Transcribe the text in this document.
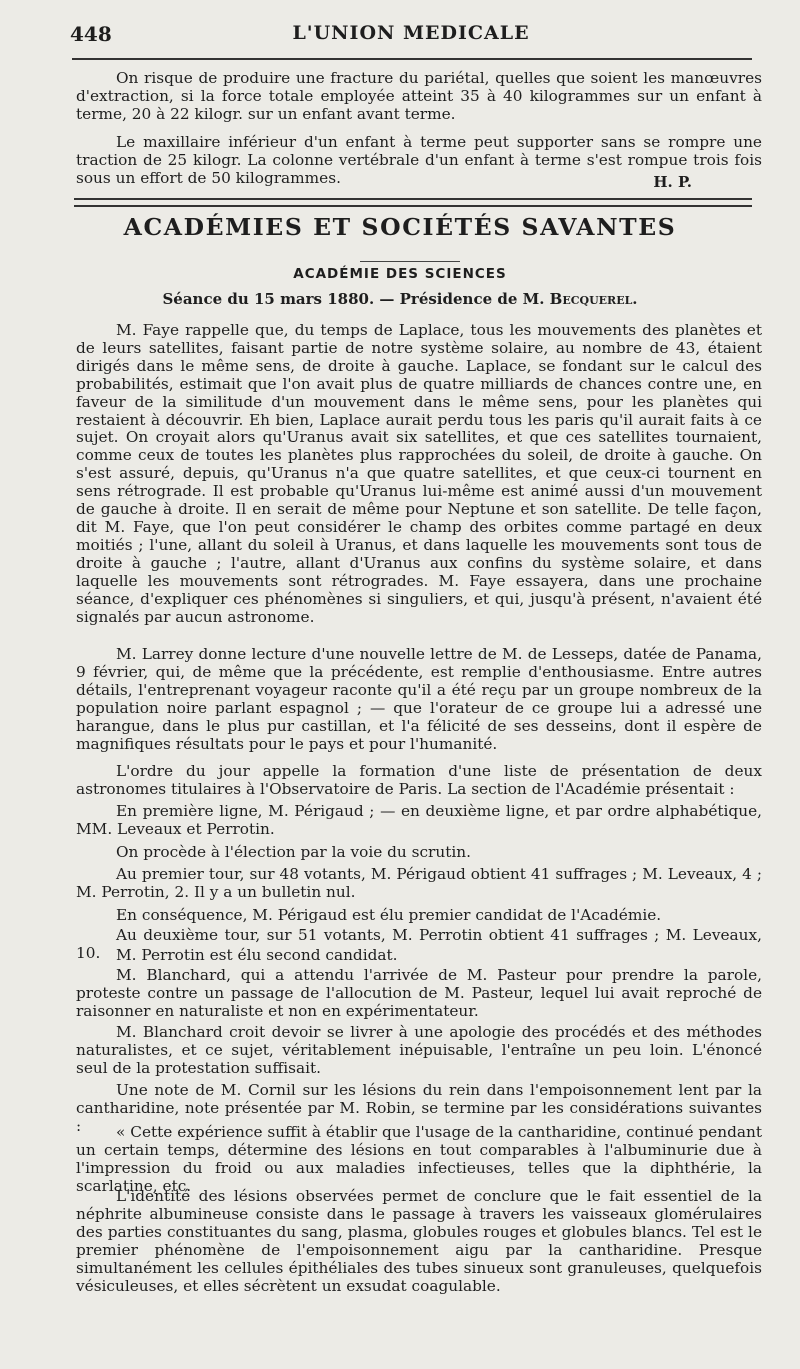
448	L'UNION MEDICALE

On risque de produire une fracture du pariétal, quelles que soient les manœuvres d'extraction, si la force totale employée atteint 35 à 40 kilogrammes sur un enfant à terme, 20 à 22 kilogr. sur un enfant avant terme.

Le maxillaire inférieur d'un enfant à terme peut supporter sans se rompre une traction de 25 kilogr. La colonne vertébrale d'un enfant à terme s'est rompue trois fois sous un effort de 50 kilogrammes.	H. P.
ACADÉMIES ET SOCIÉTÉS SAVANTES
ACADÉMIE DES SCIENCES
Séance du 15 mars 1880. — Présidence de M. Becquerel.

M. Faye rappelle que, du temps de Laplace, tous les mouvements des planètes et de leurs satellites, faisant partie de notre système solaire, au nombre de 43, étaient dirigés dans le même sens, de droite à gauche. Laplace, se fondant sur le calcul des probabilités, estimait que l'on avait plus de quatre milliards de chances contre une, en faveur de la similitude d'un mouvement dans le même sens, pour les planètes qui restaient à découvrir. Eh bien, Laplace aurait perdu tous les paris qu'il aurait faits à ce sujet. On croyait alors qu'Uranus avait six satellites, et que ces satellites tournaient, comme ceux de toutes les planètes plus rapprochées du soleil, de droite à gauche. On s'est assuré, depuis, qu'Uranus n'a que quatre satellites, et que ceux-ci tournent en sens rétrograde. Il est probable qu'Uranus lui-même est animé aussi d'un mouvement de gauche à droite. Il en serait de même pour Neptune et son satellite. De telle façon, dit M. Faye, que l'on peut considérer le champ des orbites comme partagé en deux moitiés ; l'une, allant du soleil à Uranus, et dans laquelle les mouvements sont tous de droite à gauche ; l'autre, allant d'Uranus aux confins du système solaire, et dans laquelle les mouvements sont rétrogrades. M. Faye essayera, dans une prochaine séance, d'expliquer ces phénomènes si singuliers, et qui, jusqu'à présent, n'avaient été signalés par aucun astronome.

M. Larrey donne lecture d'une nouvelle lettre de M. de Lesseps, datée de Panama, 9 février, qui, de même que la précédente, est remplie d'enthousiasme. Entre autres détails, l'entreprenant voyageur raconte qu'il a été reçu par un groupe nombreux de la population noire parlant espagnol ; — que l'orateur de ce groupe lui a adressé une harangue, dans le plus pur castillan, et l'a félicité de ses desseins, dont il espère de magnifiques résultats pour le pays et pour l'humanité.

L'ordre du jour appelle la formation d'une liste de présentation de deux astronomes titulaires à l'Observatoire de Paris. La section de l'Académie présentait :

En première ligne, M. Périgaud ; — en deuxième ligne, et par ordre alphabétique, MM. Leveaux et Perrotin.

On procède à l'élection par la voie du scrutin.

Au premier tour, sur 48 votants, M. Périgaud obtient 41 suffrages ; M. Leveaux, 4 ; M. Perrotin, 2. Il y a un bulletin nul.

En conséquence, M. Périgaud est élu premier candidat de l'Académie.

Au deuxième tour, sur 51 votants, M. Perrotin obtient 41 suffrages ; M. Leveaux, 10.	M. Perrotin est élu second candidat.

M. Blanchard, qui a attendu l'arrivée de M. Pasteur pour prendre la parole, proteste contre un passage de l'allocution de M. Pasteur, lequel lui avait reproché de raisonner en naturaliste et non en expérimentateur.

M. Blanchard croit devoir se livrer à une apologie des procédés et des méthodes naturalistes, et ce sujet, véritablement inépuisable, l'entraîne un peu loin. L'énoncé seul de la protestation suffisait.

Une note de M. Cornil sur les lésions du rein dans l'empoisonnement lent par la cantharidine, note présentée par M. Robin, se termine par les considérations suivantes :	« Cette expérience suffit à établir que l'usage de la cantharidine, continué pendant un certain temps, détermine des lésions en tout comparables à l'albuminurie due à l'impression du froid ou aux maladies infectieuses, telles que la diphthérie, la scarlatine, etc.

L'identité des lésions observées permet de conclure que le fait essentiel de la néphrite albumineuse consiste dans le passage à travers les vaisseaux glomérulaires des parties constituantes du sang, plasma, globules rouges et globules blancs. Tel est le premier phénomène de l'empoisonnement aigu par la cantharidine. Presque simultanément les cellules épithéliales des tubes sinueux sont granuleuses, quelquefois vésiculeuses, et elles sécrètent un exsudat coagulable.
